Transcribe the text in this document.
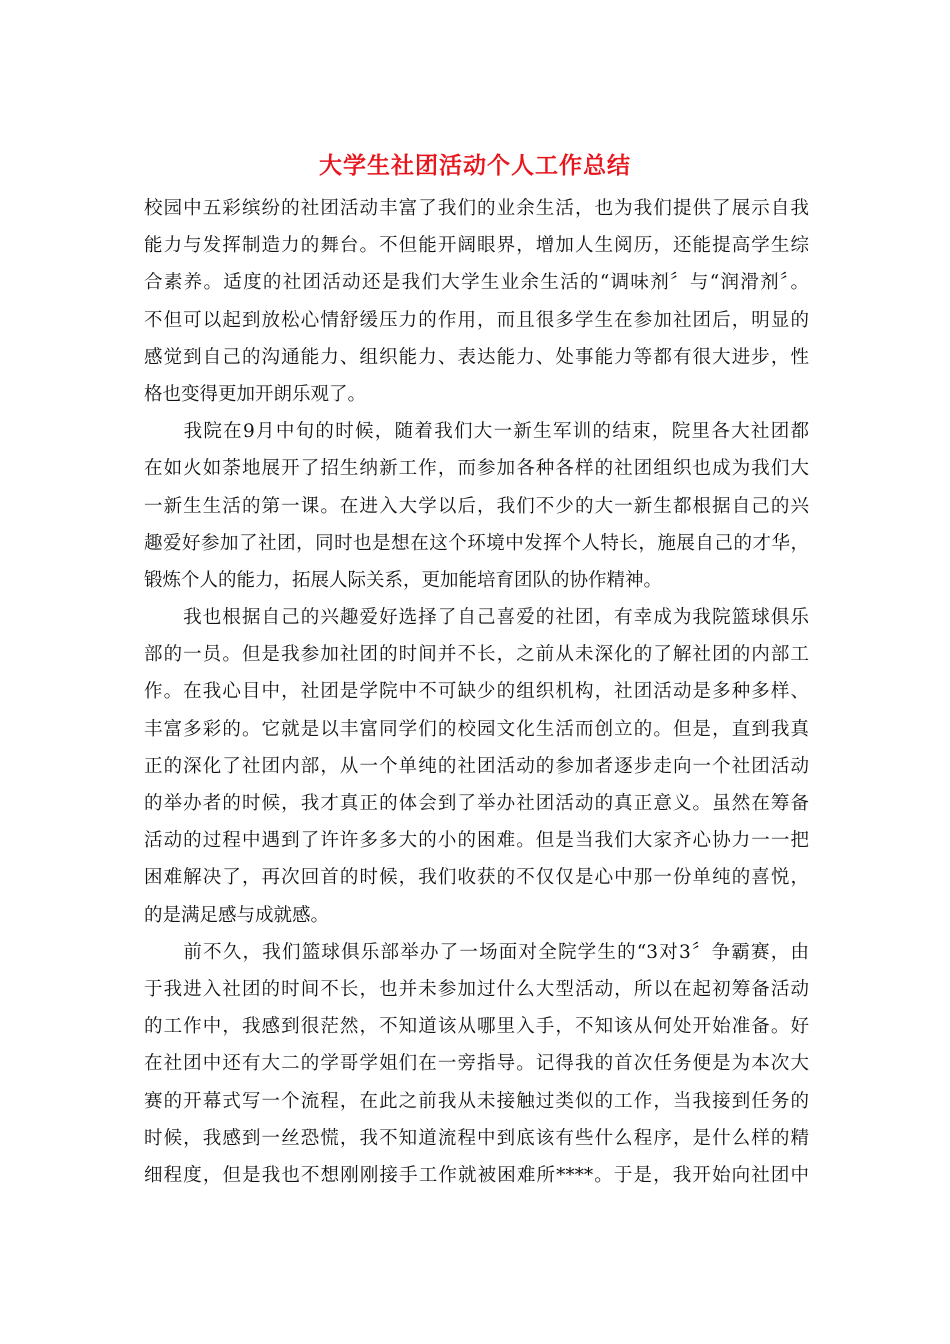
大学生社团活动个人工作总结
校园中五彩缤纷的社团活动丰富了我们的业余生活，也为我们提供了展示自我
能力与发挥制造力的舞台。不但能开阔眼界，增加人生阅历，还能提高学生综
合素养。适度的社团活动还是我们大学生业余生活的“调味剂〞与“润滑剂〞。
不但可以起到放松心情舒缓压力的作用，而且很多学生在参加社团后，明显的
感觉到自己的沟通能力、组织能力、表达能力、处事能力等都有很大进步，性
格也变得更加开朗乐观了。
　　我院在9月中旬的时候，随着我们大一新生军训的结束，院里各大社团都
在如火如荼地展开了招生纳新工作，而参加各种各样的社团组织也成为我们大
一新生生活的第一课。在进入大学以后，我们不少的大一新生都根据自己的兴
趣爱好参加了社团，同时也是想在这个环境中发挥个人特长，施展自己的才华，
锻炼个人的能力，拓展人际关系，更加能培育团队的协作精神。
　　我也根据自己的兴趣爱好选择了自己喜爱的社团，有幸成为我院篮球俱乐
部的一员。但是我参加社团的时间并不长，之前从未深化的了解社团的内部工
作。在我心目中，社团是学院中不可缺少的组织机构，社团活动是多种多样、
丰富多彩的。它就是以丰富同学们的校园文化生活而创立的。但是，直到我真
正的深化了社团内部，从一个单纯的社团活动的参加者逐步走向一个社团活动
的举办者的时候，我才真正的体会到了举办社团活动的真正意义。虽然在筹备
活动的过程中遇到了许许多多大的小的困难。但是当我们大家齐心协力一一把
困难解决了，再次回首的时候，我们收获的不仅仅是心中那一份单纯的喜悦，
的是满足感与成就感。
　　前不久，我们篮球俱乐部举办了一场面对全院学生的“3对3〞争霸赛，由
于我进入社团的时间不长，也并未参加过什么大型活动，所以在起初筹备活动
的工作中，我感到很茫然，不知道该从哪里入手，不知该从何处开始准备。好
在社团中还有大二的学哥学姐们在一旁指导。记得我的首次任务便是为本次大
赛的开幕式写一个流程，在此之前我从未接触过类似的工作，当我接到任务的
时候，我感到一丝恐慌，我不知道流程中到底该有些什么程序，是什么样的精
细程度，但是我也不想刚刚接手工作就被困难所****。于是，我开始向社团中
